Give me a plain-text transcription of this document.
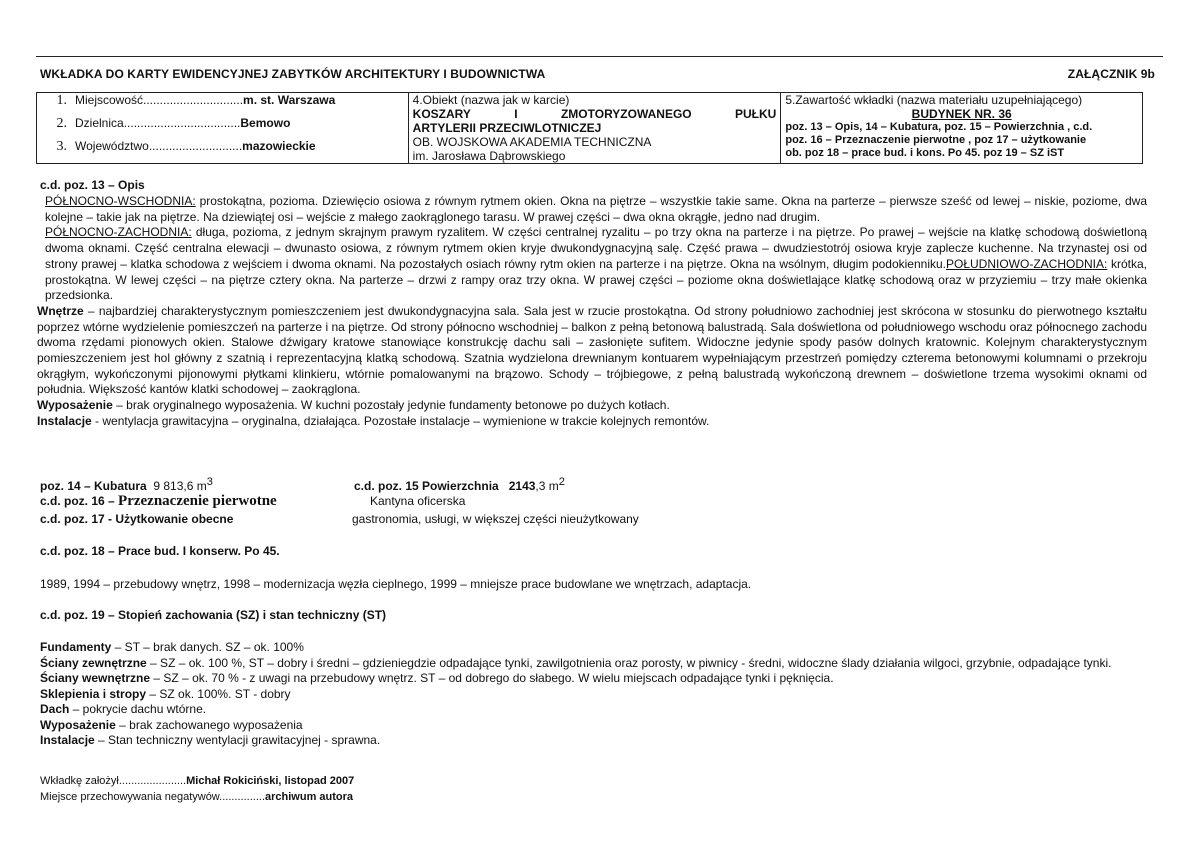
WKŁADKA DO KARTY EWIDENCYJNEJ ZABYTKÓW ARCHITEKTURY I BUDOWNICTWA	ZAŁĄCZNIK 9b
1. Miejscowość .............................. m. st. Warszawa
2. Dzielnica ................................... Bemowo
3. Województwo ............................ mazowieckie

4.Obiekt (nazwa jak w karcie)
KOSZARY	I	ZMOTORYZOWANEGO	PUŁKU
ARTYLERII PRZECIWLOTNICZEJ
OB. WOJSKOWA AKADEMIA TECHNICZNA
im. Jarosława Dąbrowskiego

5.Zawartość wkładki (nazwa materiału uzupełniającego)
BUDYNEK NR. 36
poz. 13 – Opis, 14 – Kubatura, poz. 15 – Powierzchnia , c.d.
poz. 16 – Przeznaczenie pierwotne , poz 17 – użytkowanie
ob. poz 18 – prace bud. i kons. Po 45. poz 19 – SZ iST
c.d. poz. 13 – Opis

PÓŁNOCNO-WSCHODNIA: prostokątna, pozioma. Dziewięcio osiowa z równym rytmem okien. Okna na piętrze – wszystkie takie same. Okna na parterze – pierwsze sześć od lewej – niskie, poziome, dwa kolejne – takie jak na piętrze. Na dziewiątej osi – wejście z małego zaokrąglonego tarasu. W prawej części – dwa okna okrągłe, jedno nad drugim.

PÓŁNOCNO-ZACHODNIA: długa, pozioma, z jednym skrajnym prawym ryzalitem. W części centralnej ryzalitu – po trzy okna na parterze i na piętrze. Po prawej – wejście na klatkę schodową doświetloną dwoma oknami. Część centralna elewacji – dwunasto osiowa, z równym rytmem okien kryje dwukondygnacyjną salę. Część prawa – dwudziestotrój osiowa kryje zaplecze kuchenne. Na trzynastej osi od strony prawej – klatka schodowa z wejściem i dwoma oknami. Na pozostałych osiach równy rytm okien na parterze i na piętrze. Okna na wsólnym, długim podokienniku.POŁUDNIOWO-ZACHODNIA: krótka, prostokątna. W lewej części – na piętrze cztery okna. Na parterze – drzwi z rampy oraz trzy okna. W prawej części – poziome okna doświetlające klatkę schodową oraz w przyziemiu – trzy małe okienka przedsionka.

Wnętrze – najbardziej charakterystycznym pomieszczeniem jest dwukondygnacyjna sala. Sala jest w rzucie prostokątna. Od strony południowo zachodniej jest skrócona w stosunku do pierwotnego kształtu poprzez wtórne wydzielenie pomieszczeń na parterze i na piętrze. Od strony północno wschodniej – balkon z pełną betonową balustradą. Sala doświetlona od południowego wschodu oraz północnego zachodu dwoma rzędami pionowych okien. Stalowe dźwigary kratowe stanowiące konstrukcję dachu sali – zasłonięte sufitem. Widoczne jedynie spody pasów dolnych kratownic. Kolejnym charakterystycznym pomieszczeniem jest hol główny z szatnią i reprezentacyjną klatką schodową. Szatnia wydzielona drewnianym kontuarem wypełniającym przestrzeń pomiędzy czterema betonowymi kolumnami o przekroju okrągłym, wykończonymi pijonowymi płytkami klinkieru, wtórnie pomalowanymi na brązowo. Schody – trójbiegowe, z pełną balustradą wykończoną drewnem – doświetlone trzema wysokimi oknami od południa. Większość kantów klatki schodowej – zaokrąglona.

Wyposażenie – brak oryginalnego wyposażenia. W kuchni pozostały jedynie fundamenty betonowe po dużych kotłach.

Instalacje - wentylacja grawitacyjna – oryginalna, działająca. Pozostałe instalacje – wymienione w trakcie kolejnych remontów.

poz. 14 – Kubatura 9 813,6 $m^3$	c.d. poz. 15 Powierzchnia 2143,3 $m^2$
c.d. poz. 16 – Przeznaczenie pierwotne	Kantyna oficerska
c.d. poz. 17 - Użytkowanie obecne	gastronomia, usługi, w większej części nieużytkowany
c.d. poz. 18 – Prace bud. I konserw. Po 45.
1989, 1994 – przebudowy wnętrz, 1998 – modernizacja węzła cieplnego, 1999 – mniejsze prace budowlane we wnętrzach, adaptacja.
c.d. poz. 19 – Stopień zachowania (SZ) i stan techniczny (ST)

Fundamenty – ST – brak danych. SZ – ok. 100%

Ściany zewnętrzne – SZ – ok. 100 %, ST – dobry i średni – gdzieniegdzie odpadające tynki, zawilgotnienia oraz porosty, w piwnicy - średni, widoczne ślady działania wilgoci, grzybnie, odpadające tynki.

Ściany wewnętrzne – SZ – ok. 70 % - z uwagi na przebudowy wnętrz. ST – od dobrego do słabego. W wielu miejscach odpadające tynki i pęknięcia.

Sklepienia i stropy – SZ ok. 100%. ST - dobry

Dach – pokrycie dachu wtórne.

Wyposażenie – brak zachowanego wyposażenia

Instalacje – Stan techniczny wentylacji grawitacyjnej - sprawna.

Wkładkę założył......................Michał Rokiciński, listopad 2007
Miejsce przechowywania negatywów...............archiwum autora
